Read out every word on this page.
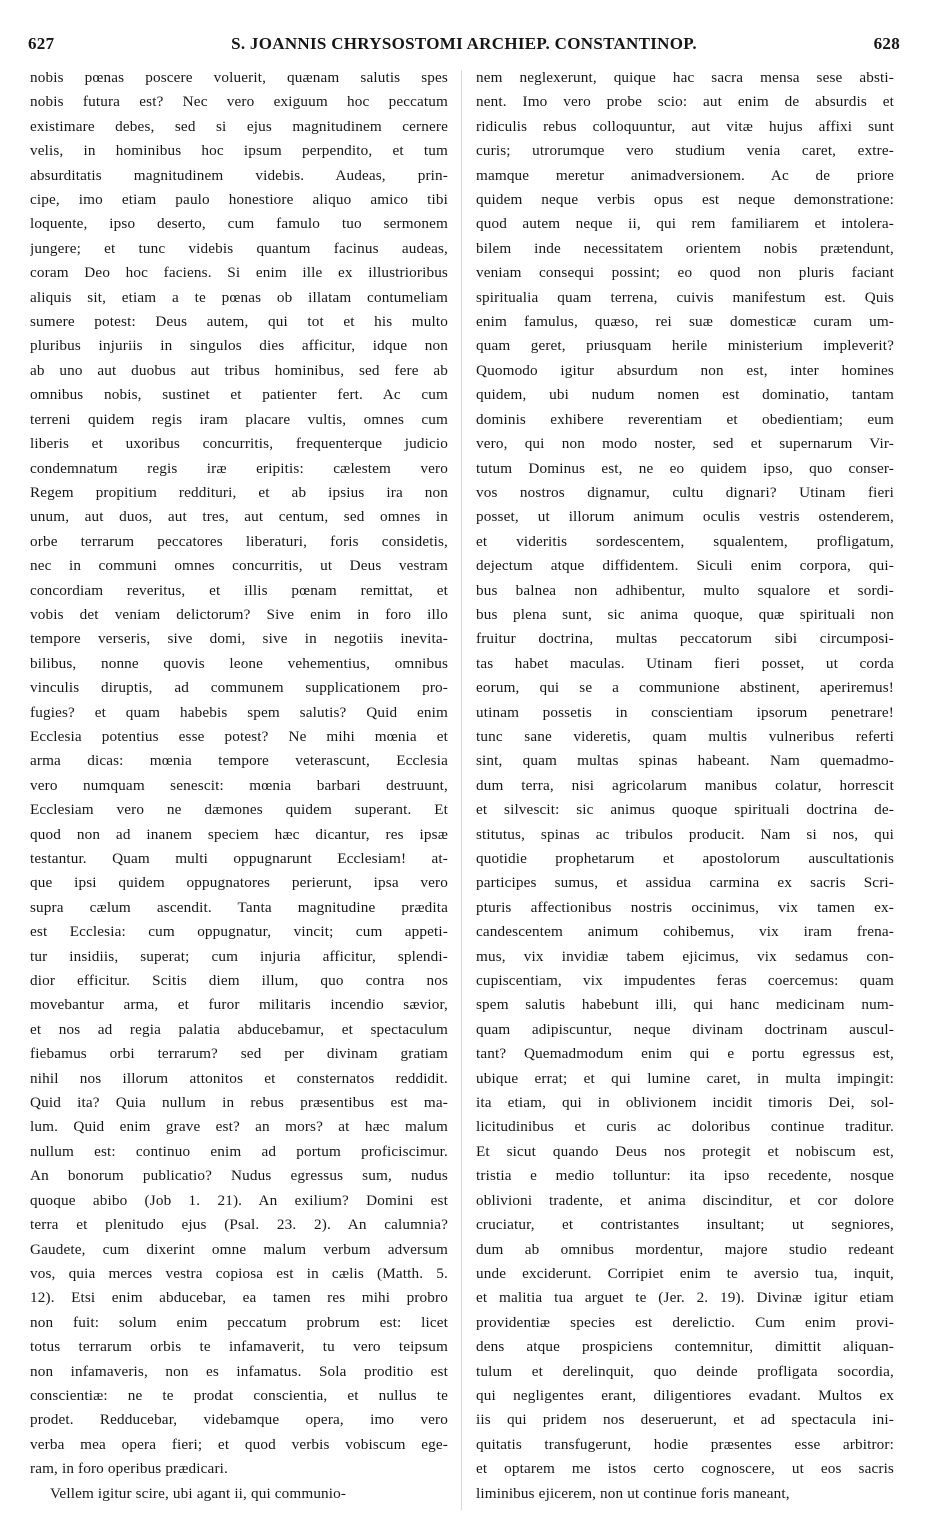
627	S. JOANNIS CHRYSOSTOMI ARCHIEP. CONSTANTINOP.	628
nobis pœnas poscere voluerit, quænam salutis spes
nobis futura est? Nec vero exiguum hoc peccatum
existimare debes, sed si ejus magnitudinem cernere
velis, in hominibus hoc ipsum perpendito, et tum
absurditatis magnitudinem videbis. Audeas, prin-
cipe, imo etiam paulo honestiore aliquo amico tibi
loquente, ipso deserto, cum famulo tuo sermonem
jungere; et tunc videbis quantum facinus audeas,
coram Deo hoc faciens. Si enim ille ex illustrioribus
aliquis sit, etiam a te pœnas ob illatam contumeliam
sumere potest: Deus autem, qui tot et his multo
pluribus injuriis in singulos dies afficitur, idque non
ab uno aut duobus aut tribus hominibus, sed fere ab
omnibus nobis, sustinet et patienter fert. Ac cum
terreni quidem regis iram placare vultis, omnes cum
liberis et uxoribus concurritis, frequenterque judicio
condemnatum regis iræ eripitis: cælestem vero
Regem propitium reddituri, et ab ipsius ira non
unum, aut duos, aut tres, aut centum, sed omnes in
orbe terrarum peccatores liberaturi, foris considetis,
nec in communi omnes concurritis, ut Deus vestram
concordiam reveritus, et illis pœnam remittat, et
vobis det veniam delictorum? Sive enim in foro illo
tempore verseris, sive domi, sive in negotiis inevita-
bilibus, nonne quovis leone vehementius, omnibus
vinculis diruptis, ad communem supplicationem pro-
fugies? et quam habebis spem salutis? Quid enim
Ecclesia potentius esse potest? Ne mihi mœnia et
arma dicas: mœnia tempore veterascunt, Ecclesia
vero numquam senescit: mœnia barbari destruunt,
Ecclesiam vero ne dæmones quidem superant. Et
quod non ad inanem speciem hæc dicantur, res ipsæ
testantur. Quam multi oppugnarunt Ecclesiam! at-
que ipsi quidem oppugnatores perierunt, ipsa vero
supra cælum ascendit. Tanta magnitudine prædita
est Ecclesia: cum oppugnatur, vincit; cum appeti-
tur insidiis, superat; cum injuria afficitur, splendi-
dior efficitur. Scitis diem illum, quo contra nos
movebantur arma, et furor militaris incendio sævior,
et nos ad regia palatia abducebamur, et spectaculum
fiebamus orbi terrarum? sed per divinam gratiam
nihil nos illorum attonitos et consternatos reddidit.
Quid ita? Quia nullum in rebus præsentibus est ma-
lum. Quid enim grave est? an mors? at hæc malum
nullum est: continuo enim ad portum proficiscimur.
An bonorum publicatio? Nudus egressus sum, nudus
quoque abibo (Job 1. 21). An exilium? Domini est
terra et plenitudo ejus (Psal. 23. 2). An calumnia?
Gaudete, cum dixerint omne malum verbum adversum
vos, quia merces vestra copiosa est in cælis (Matth. 5.
12). Etsi enim abducebar, ea tamen res mihi probro
non fuit: solum enim peccatum probrum est: licet
totus terrarum orbis te infamaverit, tu vero teipsum
non infamaveris, non es infamatus. Sola proditio est
conscientiæ: ne te prodat conscientia, et nullus te
prodet. Redducebar, videbamque opera, imo vero
verba mea opera fieri; et quod verbis vobiscum ege-
ram, in foro operibus prædicari.
Vellem igitur scire, ubi agant ii, qui communio-
nem neglexerunt, quique hac sacra mensa sese absti-
nent. Imo vero probe scio: aut enim de absurdis et
ridiculis rebus colloquuntur, aut vitæ hujus affixi sunt
curis; utrorumque vero studium venia caret, extre-
mamque meretur animadversionem. Ac de priore
quidem neque verbis opus est neque demonstratione:
quod autem neque ii, qui rem familiarem et intolera-
bilem inde necessitatem orientem nobis prætendunt,
veniam consequi possint; eo quod non pluris faciant
spiritualia quam terrena, cuivis manifestum est. Quis
enim famulus, quæso, rei suæ domesticæ curam um-
quam geret, priusquam herile ministerium impleverit?
Quomodo igitur absurdum non est, inter homines
quidem, ubi nudum nomen est dominatio, tantam
dominis exhibere reverentiam et obedientiam; eum
vero, qui non modo noster, sed et supernarum Vir-
tutum Dominus est, ne eo quidem ipso, quo conser-
vos nostros dignamur, cultu dignari? Utinam fieri
posset, ut illorum animum oculis vestris ostenderem,
et videritis sordescentem, squalentem, profligatum,
dejectum atque diffidentem. Siculi enim corpora, qui-
bus balnea non adhibentur, multo squalore et sordi-
bus plena sunt, sic anima quoque, quæ spirituali non
fruitur doctrina, multas peccatorum sibi circumposi-
tas habet maculas. Utinam fieri posset, ut corda
eorum, qui se a communione abstinent, aperiremus!
utinam possetis in conscientiam ipsorum penetrare!
tunc sane videretis, quam multis vulneribus referti
sint, quam multas spinas habeant. Nam quemadmo-
dum terra, nisi agricolarum manibus colatur, horrescit
et silvescit: sic animus quoque spirituali doctrina de-
stitutus, spinas ac tribulos producit. Nam si nos, qui
quotidie prophetarum et apostolorum auscultationis
participes sumus, et assidua carmina ex sacris Scri-
pturis affectionibus nostris occinimus, vix tamen ex-
candescentem animum cohibemus, vix iram frena-
mus, vix invidiæ tabem ejicimus, vix sedamus con-
cupiscentiam, vix impudentes feras coercemus: quam
spem salutis habebunt illi, qui hanc medicinam num-
quam adipiscuntur, neque divinam doctrinam auscul-
tant? Quemadmodum enim qui e portu egressus est,
ubique errat; et qui lumine caret, in multa impingit:
ita etiam, qui in oblivionem incidit timoris Dei, sol-
licitudinibus et curis ac doloribus continue traditur.
Et sicut quando Deus nos protegit et nobiscum est,
tristia e medio tolluntur: ita ipso recedente, nosque
oblivioni tradente, et anima discinditur, et cor dolore
cruciatur, et contristantes insultant; ut segniores,
dum ab omnibus mordentur, majore studio redeant
unde exciderunt. Corripiet enim te aversio tua, inquit,
et malitia tua arguet te (Jer. 2. 19). Divinæ igitur etiam
providentiæ species est derelictio. Cum enim provi-
dens atque prospiciens contemnitur, dimittit aliquan-
tulum et derelinquit, quo deinde profligata socordia,
qui negligentes erant, diligentiores evadant. Multos ex
iis qui pridem nos deseruerunt, et ad spectacula ini-
quitatis transfugerunt, hodie præsentes esse arbitror:
et optarem me istos certo cognoscere, ut eos sacris
liminibus ejicerem, non ut continue foris maneant,
